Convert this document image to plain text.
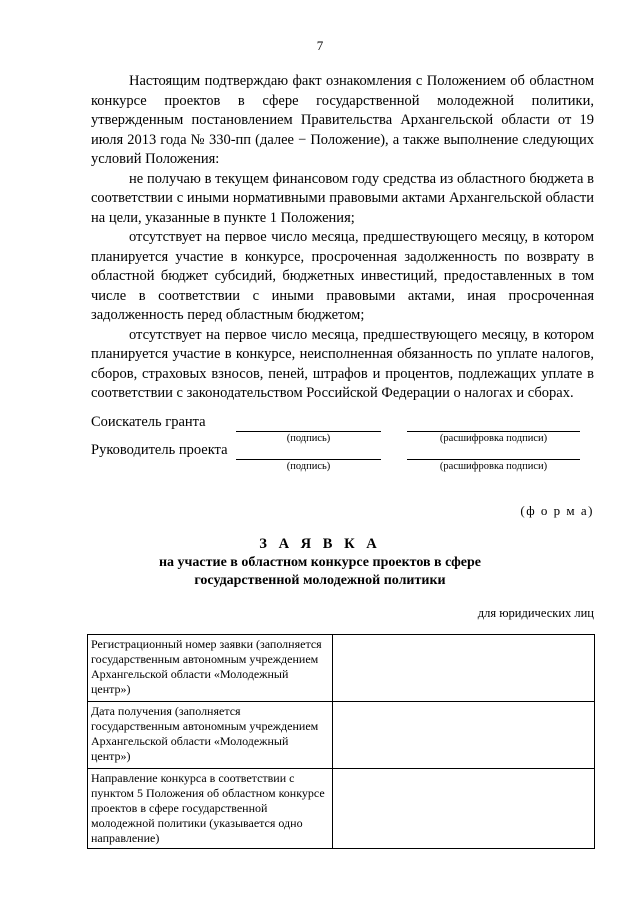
7

Настоящим подтверждаю факт ознакомления с Положением об областном конкурсе проектов в сфере государственной молодежной политики, утвержденным постановлением Правительства Архангельской области от 19 июля 2013 года № 330-пп (далее − Положение), а также выполнение следующих условий Положения:

не получаю в текущем финансовом году средства из областного бюджета в соответствии с иными нормативными правовыми актами Архангельской области на цели, указанные в пункте 1 Положения;

отсутствует на первое число месяца, предшествующего месяцу, в котором планируется участие в конкурсе, просроченная задолженность по возврату в областной бюджет субсидий, бюджетных инвестиций, предоставленных в том числе в соответствии с иными правовыми актами, иная просроченная задолженность перед областным бюджетом;

отсутствует на первое число месяца, предшествующего месяцу, в котором планируется участие в конкурсе, неисполненная обязанность по уплате налогов, сборов, страховых взносов, пеней, штрафов и процентов, подлежащих уплате в соответствии с законодательством Российской Федерации о налогах и сборах.

Соискатель гранта
(подпись)	(расшифровка подписи)
Руководитель проекта
(подпись)	(расшифровка подписи)
(ф о р м а)
З А Я В К А
на участие в областном конкурсе проектов в сфере
государственной молодежной политики
для юридических лиц
Регистрационный номер заявки (заполняется государственным автономным учреждением Архангельской области «Молодежный центр»)	
Дата получения (заполняется государственным автономным учреждением Архангельской области «Молодежный центр»)	
Направление конкурса в соответствии с пунктом 5 Положения об областном конкурсе проектов в сфере государственной молодежной политики (указывается одно направление)	
